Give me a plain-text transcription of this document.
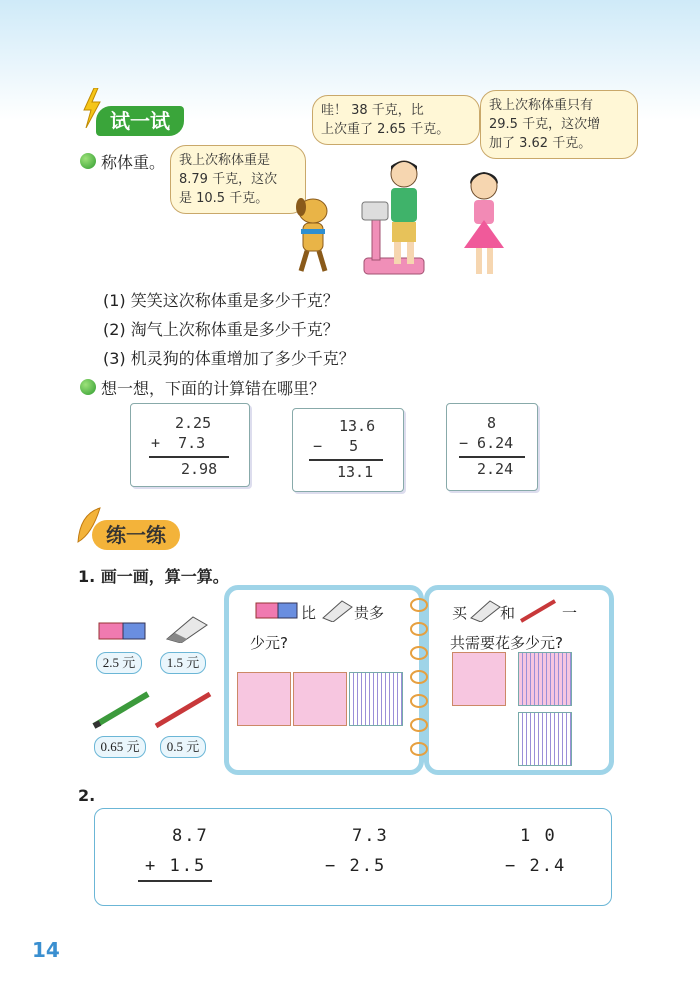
试一试
称体重。	我上次称体重是
8.79 千克，这次
是 10.5 千克。
哇！ 38 千克，比
上次重了 2.65 千克。
我上次称体重只有
29.5 千克，这次增
加了 3.62 千克。
(1) 笑笑这次称体重是多少千克？
(2) 淘气上次称体重是多少千克？
(3) 机灵狗的体重增加了多少千克？
想一想，下面的计算错在哪里？
2.25
+  7.3
2.98
13.6
−   5
13.1
8
− 6.24
2.24
练一练
1. 画一画，算一算。
2.5 元	1.5 元
0.65 元	0.5 元
比	贵多
少元?
买 和	一
共需要花多少元?
2.
8.7
+ 1.5
7.3
− 2.5
1 0
− 2.4
14
